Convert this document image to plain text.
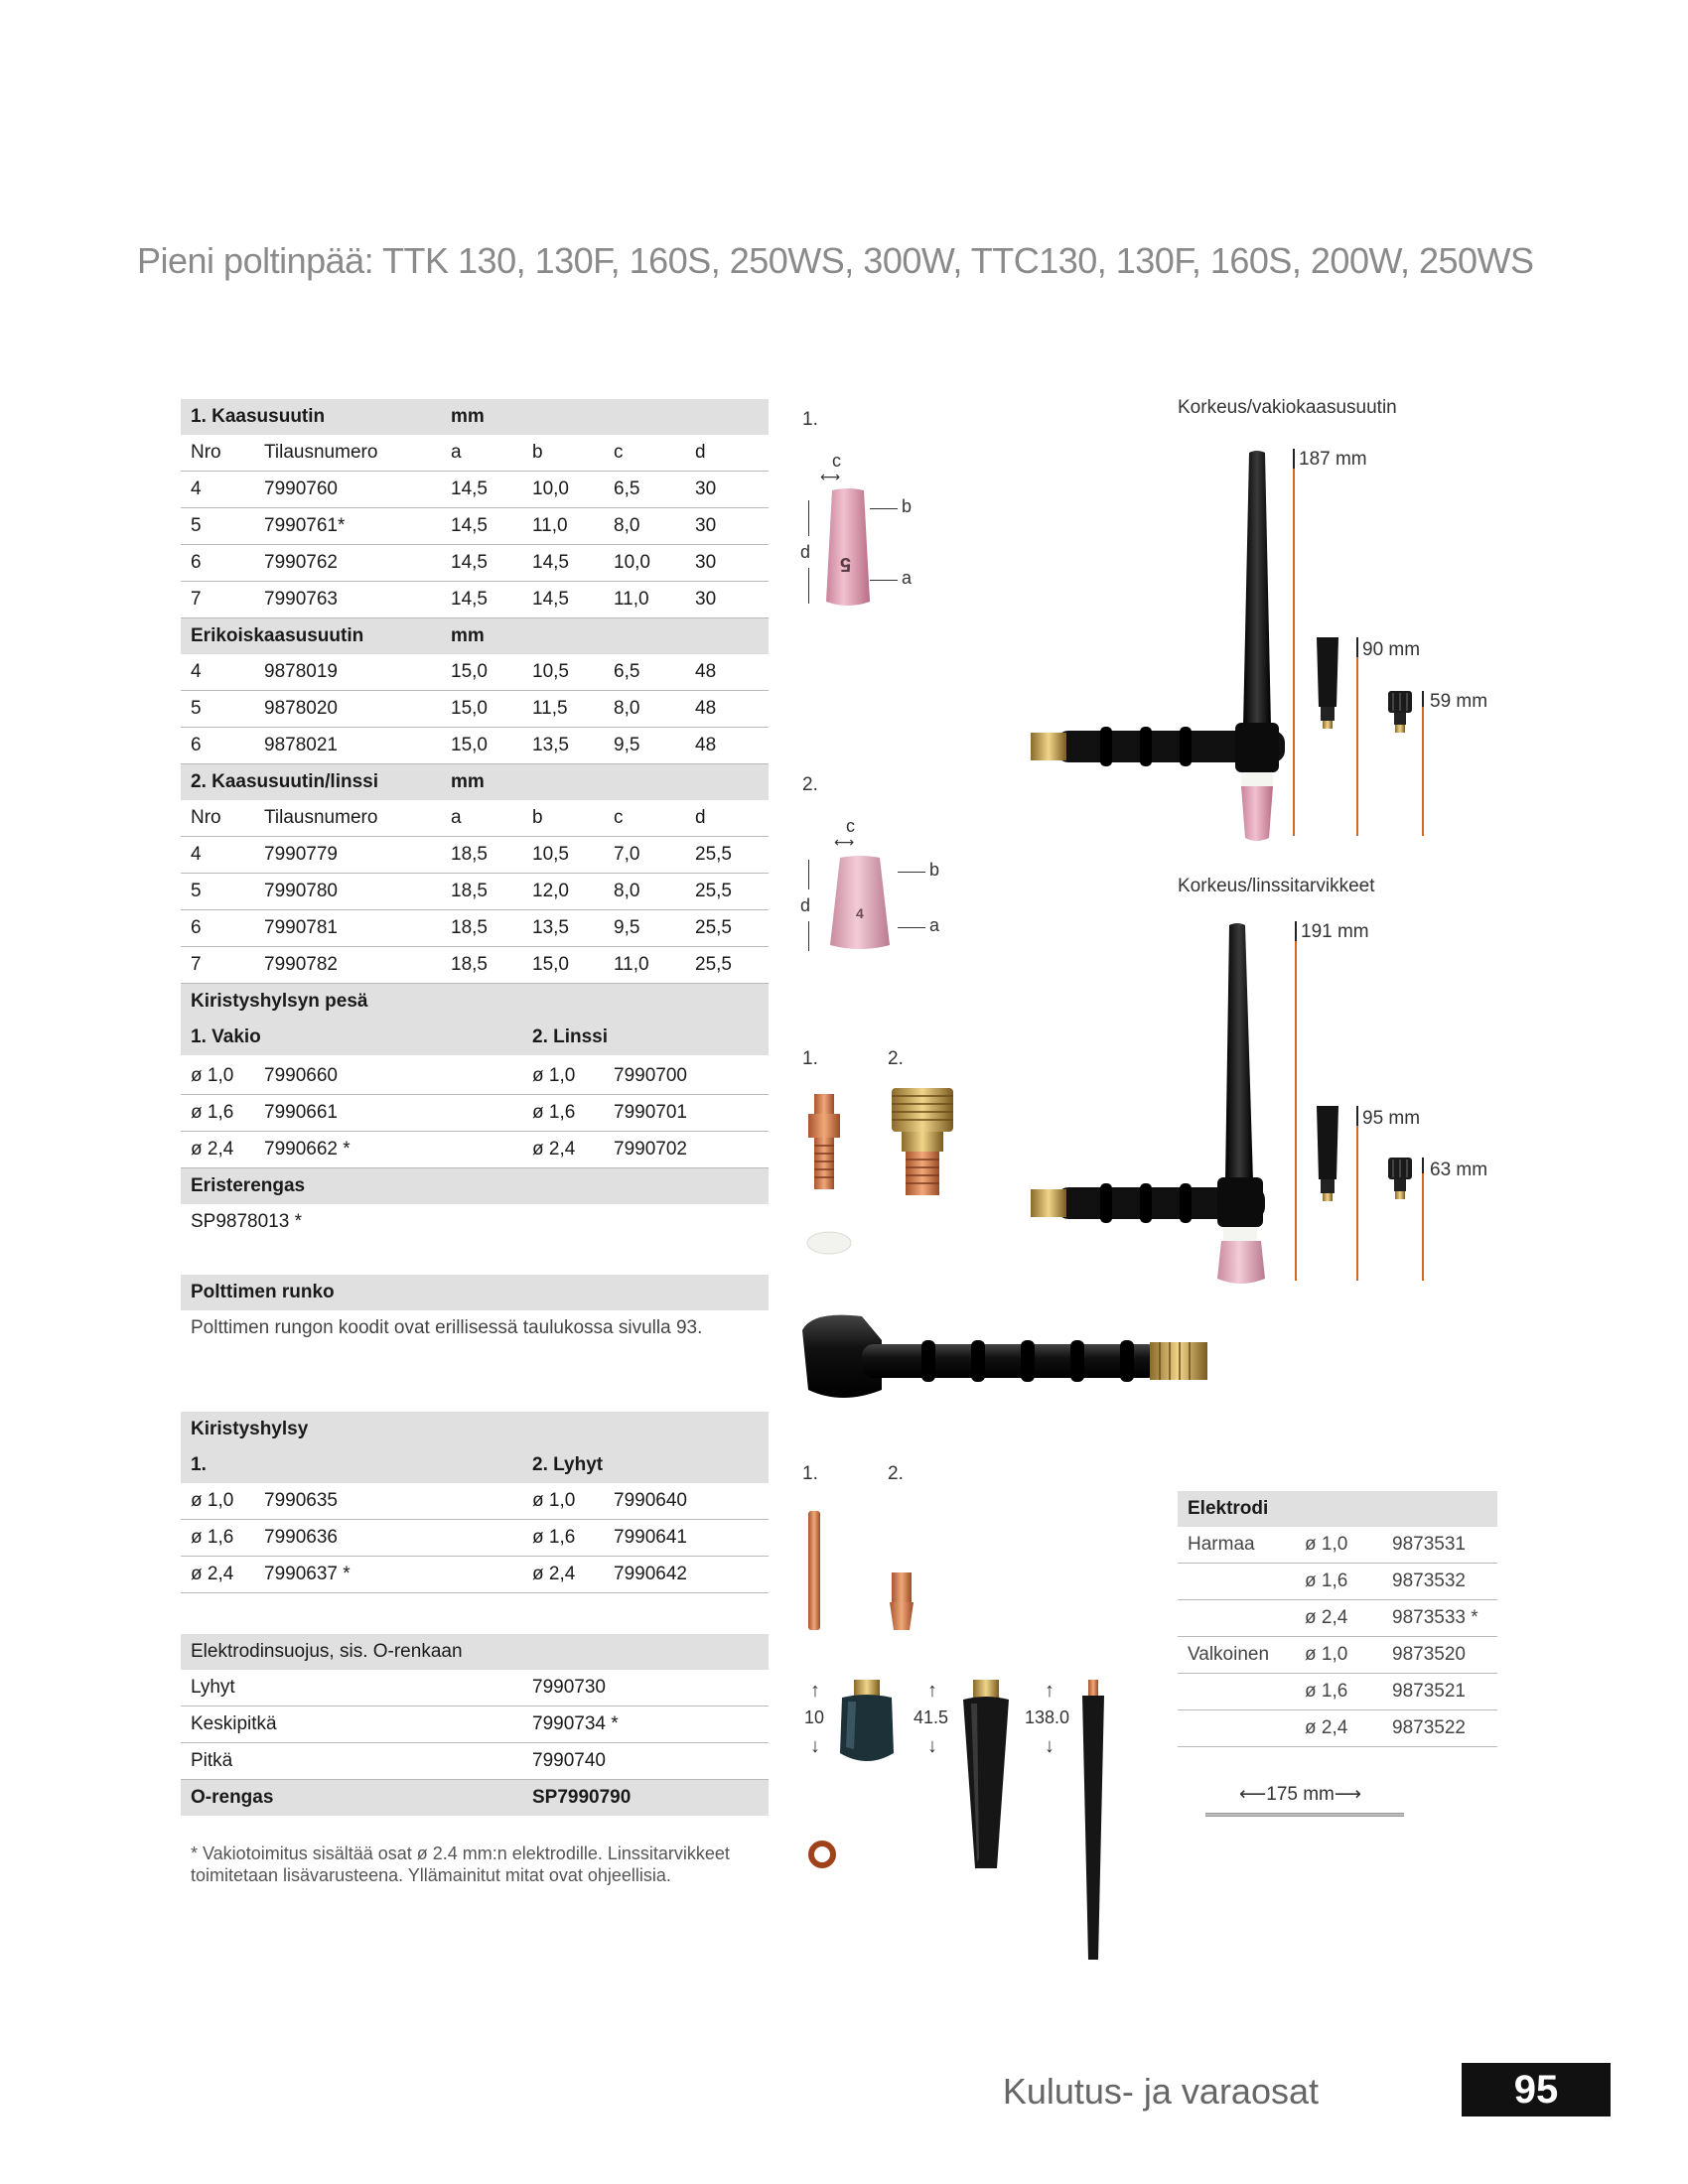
Pieni poltinpää: TTK 130, 130F, 160S, 250WS, 300W, TTC130, 130F, 160S, 200W, 250WS
1. Kaasusuutin		mm			
Nro	Tilausnumero	a	b	c	d
4	7990760	14,5	10,0	6,5	30
5	7990761*	14,5	11,0	8,0	30
6	7990762	14,5	14,5	10,0	30
7	7990763	14,5	14,5	11,0	30
Erikoiskaasusuutin		mm			
4	9878019	15,0	10,5	6,5	48
5	9878020	15,0	11,5	8,0	48
6	9878021	15,0	13,5	9,5	48
2. Kaasusuutin/linssi		mm			
Nro	Tilausnumero	a	b	c	d
4	7990779	18,5	10,5	7,0	25,5
5	7990780	18,5	12,0	8,0	25,5
6	7990781	18,5	13,5	9,5	25,5
7	7990782	18,5	15,0	11,0	25,5
Kiristyshylsyn pesä					
1. Vakio			2. Linssi		
ø 1,0	7990660	ø 1,0	7990700
ø 1,6	7990661	ø 1,6	7990701
ø 2,4	7990662 *	ø 2,4	7990702
Eristerengas			
SP9878013 *			
Polttimen runko
Polttimen rungon koodit ovat erillisessä taulukossa sivulla 93.
Kiristyshylsy			
1.		2. Lyhyt	
ø 1,0	7990635	ø 1,0	7990640
ø 1,6	7990636	ø 1,6	7990641
ø 2,4	7990637 *	ø 2,4	7990642
Elektrodinsuojus, sis. O-renkaan	
Lyhyt	7990730
Keskipitkä	7990734 *
Pitkä	7990740
O-rengas	SP7990790
* Vakiotoimitus sisältää osat ø 2.4 mm:n elektrodille. Linssitarvikkeet toimitetaan lisävarusteena. Yllämainitut mitat ovat ohjeellisia.
Elektrodi		
Harmaa	ø 1,0	9873531
	ø 1,6	9873532
	ø 2,4	9873533 *
Valkoinen	ø 1,0	9873520
	ø 1,6	9873521
	ø 2,4	9873522
⟵175 mm⟶
1.
c
⟷
b
a
d
5
2.
c
⟷
b
a
d	4
1.	2.
1.	2.
10
↑
↓
41.5
↑
↓
138.0
↑
↓
Korkeus/vakiokaasusuutin
187 mm
90 mm
59 mm
Korkeus/linssitarvikkeet
191 mm
95 mm
63 mm
Kulutus- ja varaosat	95
